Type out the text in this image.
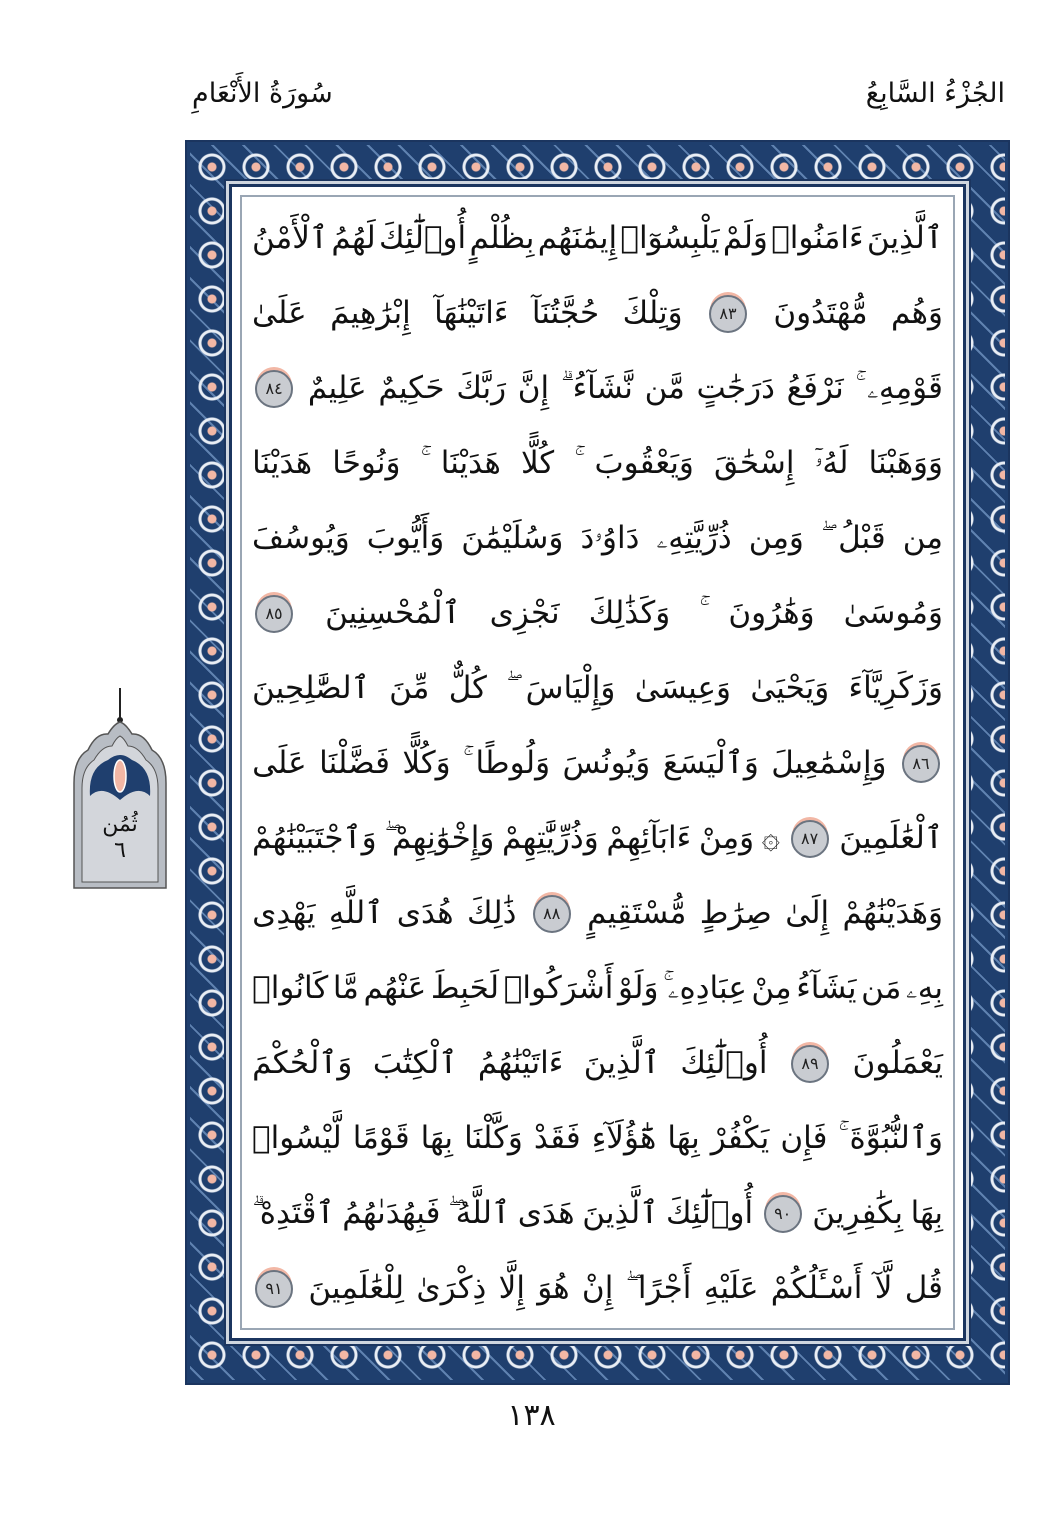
سُورَةُ الأَنْعَامِ	الجُزْءُ السَّابِعُ
ٱلَّذِينَ
ءَامَنُوا۟
وَلَمْ
يَلْبِسُوٓا۟
إِيمَٰنَهُم
بِظُلْمٍ
أُو۟لَٰٓئِكَ
لَهُمُ
ٱلْأَمْنُ
وَهُم
مُّهْتَدُونَ
٨٣
وَتِلْكَ
حُجَّتُنَآ
ءَاتَيْنَٰهَآ
إِبْرَٰهِيمَ
عَلَىٰ
قَوْمِهِۦ
نَرْفَعُ
دَرَجَٰتٍ
مَّن
نَّشَآءُ
إِنَّ
رَبَّكَ
حَكِيمٌ
عَلِيمٌ
٨٤
وَوَهَبْنَا
لَهُۥٓ
إِسْحَٰقَ
وَيَعْقُوبَ
كُلًّا
هَدَيْنَا
وَنُوحًا
هَدَيْنَا
مِن
قَبْلُ
وَمِن
ذُرِّيَّتِهِۦ
دَاوُۥدَ
وَسُلَيْمَٰنَ
وَأَيُّوبَ
وَيُوسُفَ
وَمُوسَىٰ
وَهَٰرُونَ
وَكَذَٰلِكَ
نَجْزِى
ٱلْمُحْسِنِينَ
٨٥
وَزَكَرِيَّآءَ
وَيَحْيَىٰ
وَعِيسَىٰ
وَإِلْيَاسَ
كُلٌّ
مِّنَ
ٱلصَّٰلِحِينَ
٨٦
وَإِسْمَٰعِيلَ
وَٱلْيَسَعَ
وَيُونُسَ
وَلُوطًا
وَكُلًّا
فَضَّلْنَا
عَلَى
ٱلْعَٰلَمِينَ
٨٧
۞
وَمِنْ
ءَابَآئِهِمْ
وَذُرِّيَّٰتِهِمْ
وَإِخْوَٰنِهِمْ
وَٱجْتَبَيْنَٰهُمْ
وَهَدَيْنَٰهُمْ
إِلَىٰ
صِرَٰطٍ
مُّسْتَقِيمٍ
٨٨
ذَٰلِكَ
هُدَى
ٱللَّهِ
يَهْدِى
بِهِۦ
مَن
يَشَآءُ
مِنْ
عِبَادِهِۦ
وَلَوْ
أَشْرَكُوا۟
لَحَبِطَ
عَنْهُم
مَّا
كَانُوا۟
يَعْمَلُونَ
٨٩
أُو۟لَٰٓئِكَ
ٱلَّذِينَ
ءَاتَيْنَٰهُمُ
ٱلْكِتَٰبَ
وَٱلْحُكْمَ
وَٱلنُّبُوَّةَ
فَإِن
يَكْفُرْ
بِهَا
هَٰٓؤُلَآءِ
فَقَدْ
وَكَّلْنَا
بِهَا
قَوْمًا
لَّيْسُوا۟
بِهَا
بِكَٰفِرِينَ
٩٠
أُو۟لَٰٓئِكَ
ٱلَّذِينَ
هَدَى
ٱللَّهُ
فَبِهُدَىٰهُمُ
ٱقْتَدِهْ
قُل
لَّآ
أَسْـَٔلُكُمْ
عَلَيْهِ
أَجْرًا
إِنْ
هُوَ
إِلَّا
ذِكْرَىٰ
لِلْعَٰلَمِينَ
٩١
ثُمُن
٦
١٣٨
